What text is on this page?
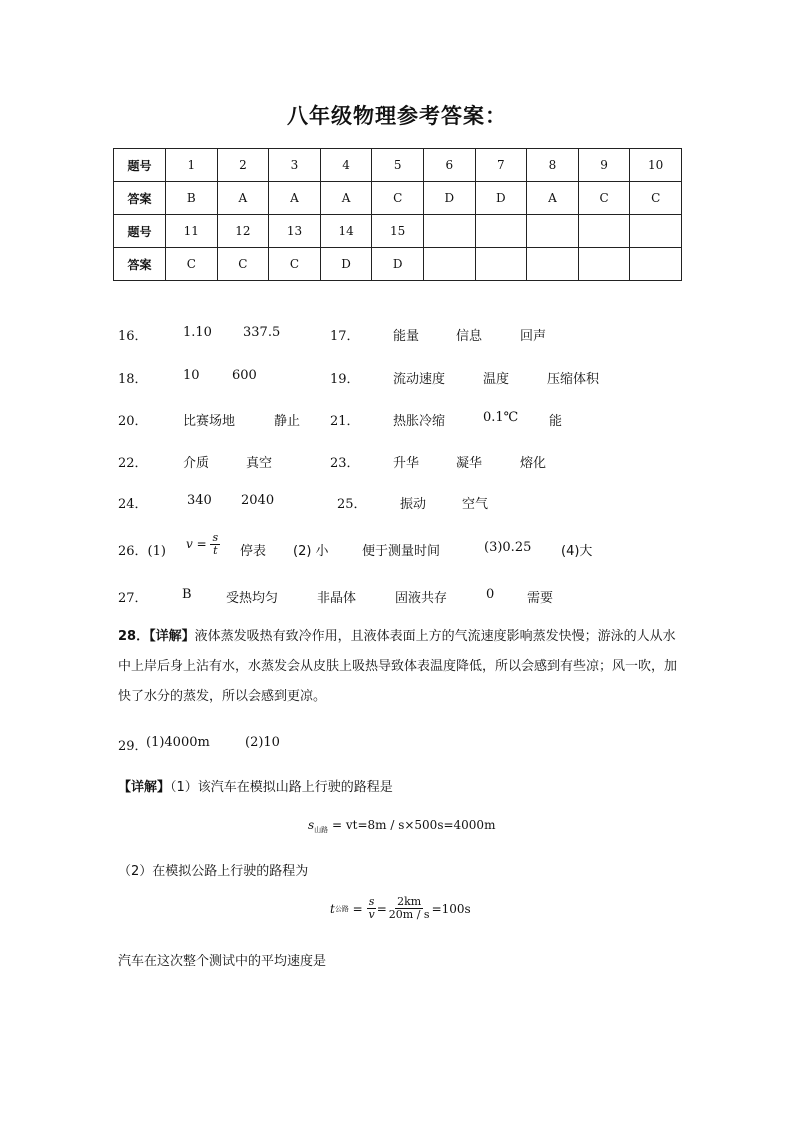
八年级物理参考答案：
题号	1	2	3	4	5	6	7	8	9	10
答案	B	A	A	A	C	D	D	A	C	C
题号	11	12	13	14	15					
答案	C	C	C	D	D					
16．	1.10 337.5	17．	能量	信息	回声
18．	10 600	19．	流动速度	温度	压缩体积
20．	比赛场地	静止 21．	热胀冷缩	0.1℃ 能
22．	介质	真空	23．	升华	凝华	熔化
24．	340 2040	25．	振动	空气
26．(1) $v = \frac{s}{t}$ 停表 (2) 小	便于测量时间	(3)0.25 (4)大
27．	B	受热均匀	非晶体	固液共存	0	需要
28．【详解】液体蒸发吸热有致冷作用，且液体表面上方的气流速度影响蒸发快慢；游泳的人从水中上岸后身上沾有水，水蒸发会从皮肤上吸热导致体表温度降低，所以会感到有些凉；风一吹，加快了水分的蒸发，所以会感到更凉。
29．
(1)4000m	(2)10
【详解】（1）该汽车在模拟山路上行驶的路程是
$s_{山路} = vt=8m / s\times 500s=4000m$
（2）在模拟公路上行驶的路程为
t 公路 = $\frac{s}{v} = \frac{2km}{20m / s} =100s$
汽车在这次整个测试中的平均速度是
